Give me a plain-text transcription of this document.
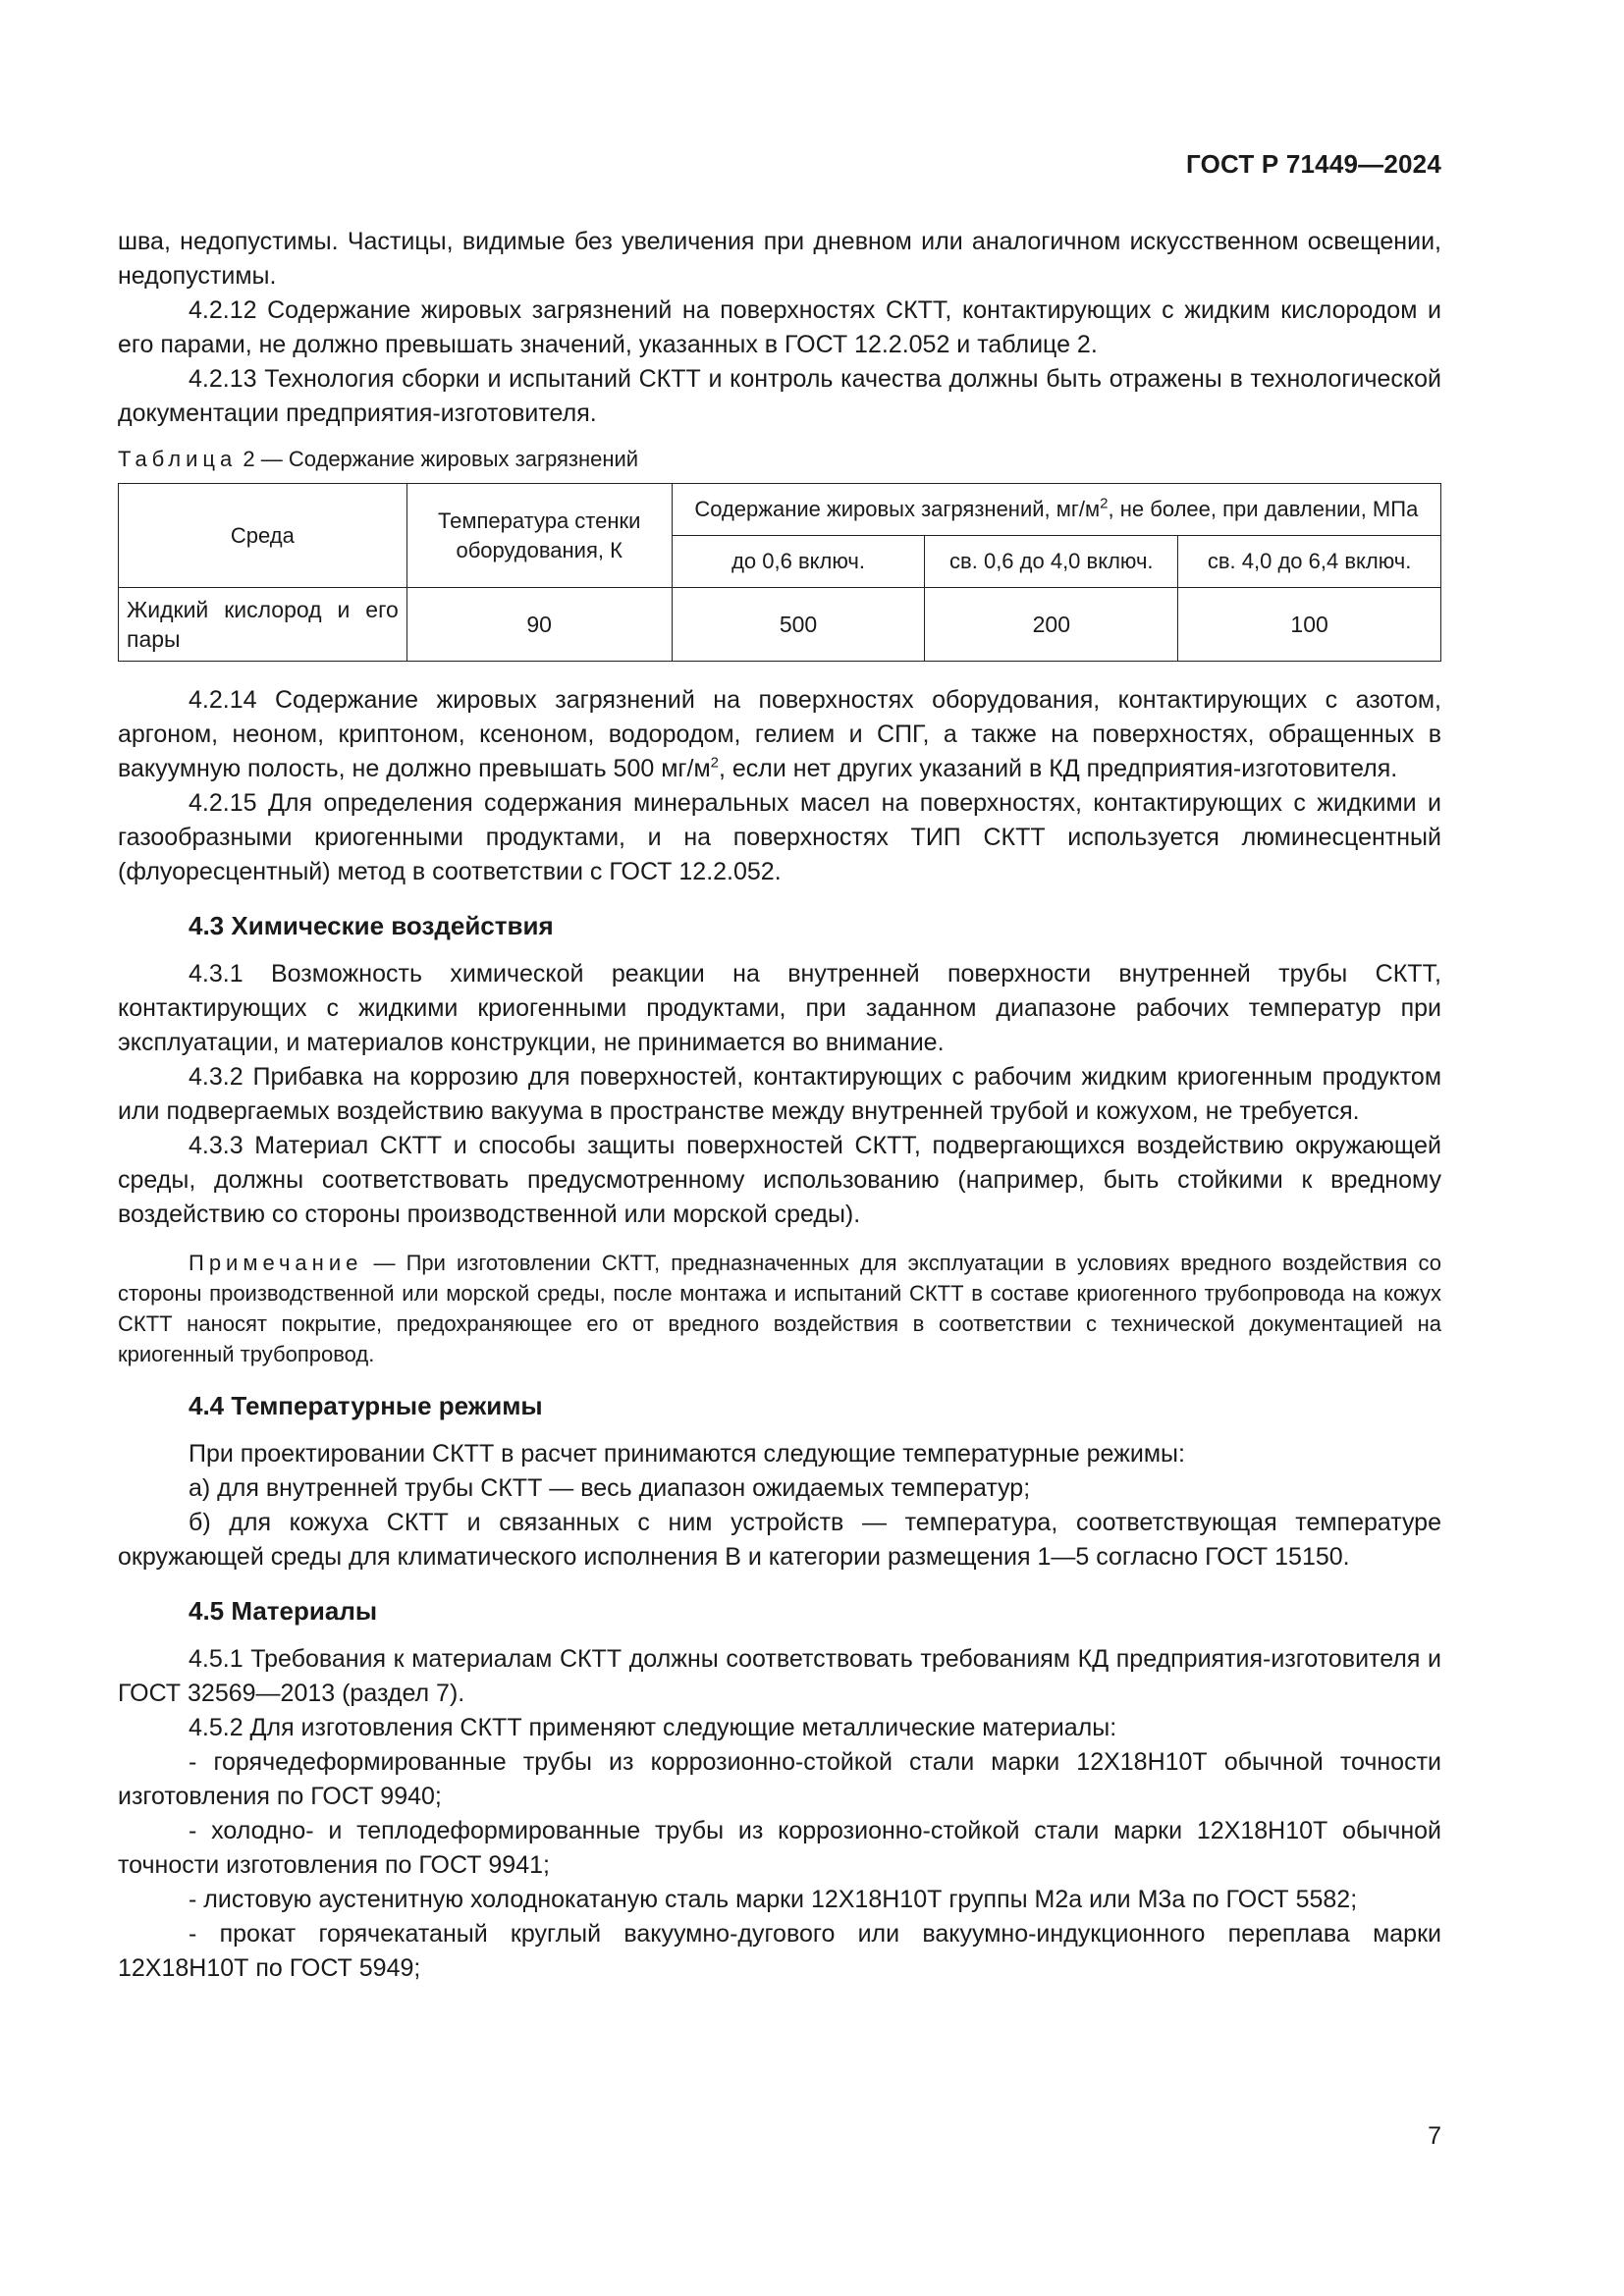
ГОСТ Р 71449—2024

шва, недопустимы. Частицы, видимые без увеличения при дневном или аналогичном искусственном освещении, недопустимы.

4.2.12 Содержание жировых загрязнений на поверхностях СКТТ, контактирующих с жидким кислородом и его парами, не должно превышать значений, указанных в ГОСТ 12.2.052 и таблице 2.

4.2.13 Технология сборки и испытаний СКТТ и контроль качества должны быть отражены в технологической документации предприятия-изготовителя.

Таблица 2 — Содержание жировых загрязнений
Среда	Температура стенки оборудования, К	Содержание жировых загрязнений, $мг/м^2$, не более, при давлении, МПа		
		до 0,6 включ.	св. 0,6 до 4,0 включ.	св. 4,0 до 6,4 включ.
Жидкий кислород и его пары	90	500	200	100

4.2.14 Содержание жировых загрязнений на поверхностях оборудования, контактирующих с азотом, аргоном, неоном, криптоном, ксеноном, водородом, гелием и СПГ, а также на поверхностях, обращенных в вакуумную полость, не должно превышать 500 $мг/м^2$, если нет других указаний в КД предприятия-изготовителя.

4.2.15 Для определения содержания минеральных масел на поверхностях, контактирующих с жидкими и газообразными криогенными продуктами, и на поверхностях ТИП СКТТ используется люминесцентный (флуоресцентный) метод в соответствии с ГОСТ 12.2.052.

4.3 Химические воздействия

4.3.1 Возможность химической реакции на внутренней поверхности внутренней трубы СКТТ, контактирующих с жидкими криогенными продуктами, при заданном диапазоне рабочих температур при эксплуатации, и материалов конструкции, не принимается во внимание.

4.3.2 Прибавка на коррозию для поверхностей, контактирующих с рабочим жидким криогенным продуктом или подвергаемых воздействию вакуума в пространстве между внутренней трубой и кожухом, не требуется.

4.3.3 Материал СКТТ и способы защиты поверхностей СКТТ, подвергающихся воздействию окружающей среды, должны соответствовать предусмотренному использованию (например, быть стойкими к вредному воздействию со стороны производственной или морской среды).

Примечание — При изготовлении СКТТ, предназначенных для эксплуатации в условиях вредного воздействия со стороны производственной или морской среды, после монтажа и испытаний СКТТ в составе криогенного трубопровода на кожух СКТТ наносят покрытие, предохраняющее его от вредного воздействия в соответствии с технической документацией на криогенный трубопровод.

4.4 Температурные режимы

При проектировании СКТТ в расчет принимаются следующие температурные режимы:

а) для внутренней трубы СКТТ — весь диапазон ожидаемых температур;

б) для кожуха СКТТ и связанных с ним устройств — температура, соответствующая температуре окружающей среды для климатического исполнения В и категории размещения 1—5 согласно ГОСТ 15150.

4.5 Материалы

4.5.1 Требования к материалам СКТТ должны соответствовать требованиям КД предприятия-изготовителя и ГОСТ 32569—2013 (раздел 7).

4.5.2 Для изготовления СКТТ применяют следующие металлические материалы:

- горячедеформированные трубы из коррозионно-стойкой стали марки 12Х18Н10Т обычной точности изготовления по ГОСТ 9940;

- холодно- и теплодеформированные трубы из коррозионно-стойкой стали марки 12Х18Н10Т обычной точности изготовления по ГОСТ 9941;

- листовую аустенитную холоднокатаную сталь марки 12Х18Н10Т группы М2а или М3а по ГОСТ 5582;

- прокат горячекатаный круглый вакуумно-дугового или вакуумно-индукционного переплава марки 12Х18Н10Т по ГОСТ 5949;

7
